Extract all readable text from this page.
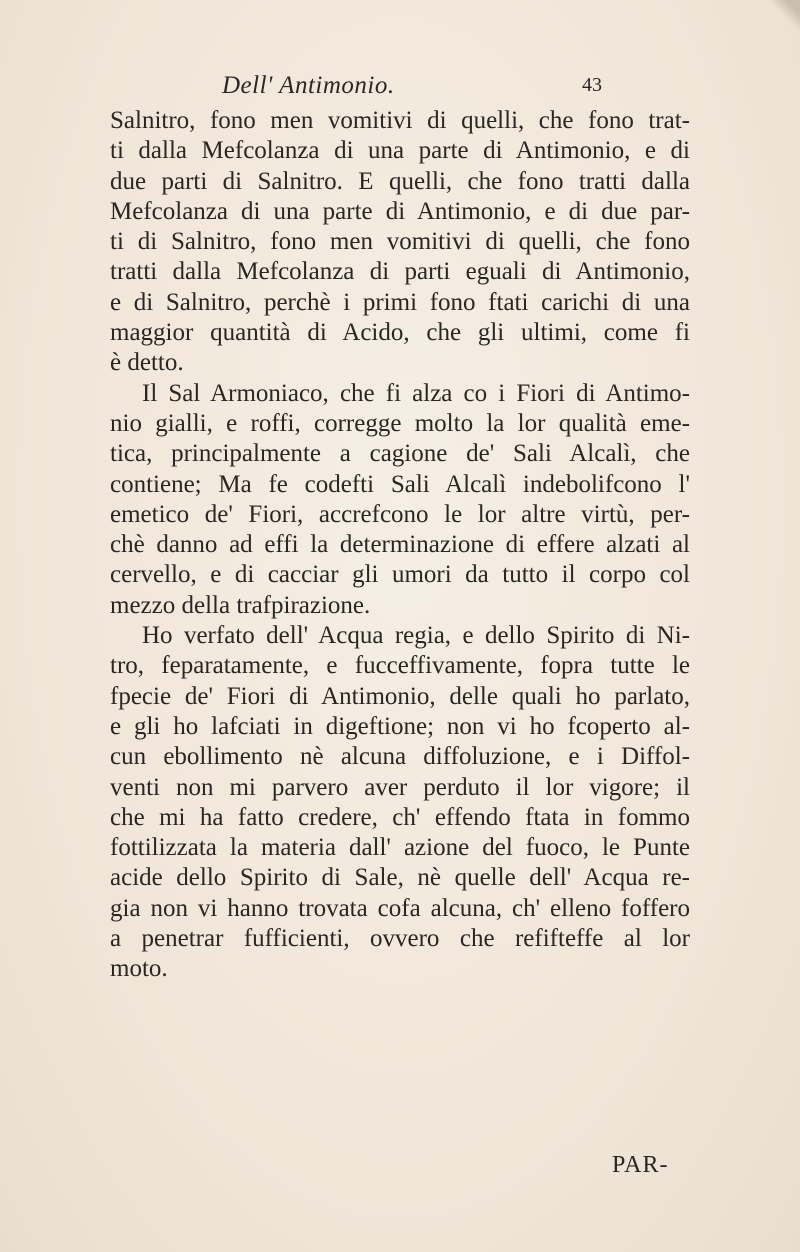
Dell' Antimonio.	43
Salnitro, fono men vomitivi di quelli, che fono trat-
ti dalla Mefcolanza di una parte di Antimonio, e di
due parti di Salnitro. E quelli, che fono tratti dalla
Mefcolanza di una parte di Antimonio, e di due par-
ti di Salnitro, fono men vomitivi di quelli, che fono
tratti dalla Mefcolanza di parti eguali di Antimonio,
e di Salnitro, perchè i primi fono ftati carichi di una
maggior quantità di Acido, che gli ultimi, come fi
è detto.
Il Sal Armoniaco, che fi alza co i Fiori di Antimo-
nio gialli, e roffi, corregge molto la lor qualità eme-
tica, principalmente a cagione de' Sali Alcalì, che
contiene; Ma fe codefti Sali Alcalì indebolifcono l'
emetico de' Fiori, accrefcono le lor altre virtù, per-
chè danno ad effi la determinazione di effere alzati al
cervello, e di cacciar gli umori da tutto il corpo col
mezzo della trafpirazione.
Ho verfato dell' Acqua regia, e dello Spirito di Ni-
tro, feparatamente, e fucceffivamente, fopra tutte le
fpecie de' Fiori di Antimonio, delle quali ho parlato,
e gli ho lafciati in digeftione; non vi ho fcoperto al-
cun ebollimento nè alcuna diffoluzione, e i Diffol-
venti non mi parvero aver perduto il lor vigore; il
che mi ha fatto credere, ch' effendo ftata in fommo
fottilizzata la materia dall' azione del fuoco, le Punte
acide dello Spirito di Sale, nè quelle dell' Acqua re-
gia non vi hanno trovata cofa alcuna, ch' elleno foffero
a penetrar fufficienti, ovvero che refifteffe al lor
moto.
PAR-
